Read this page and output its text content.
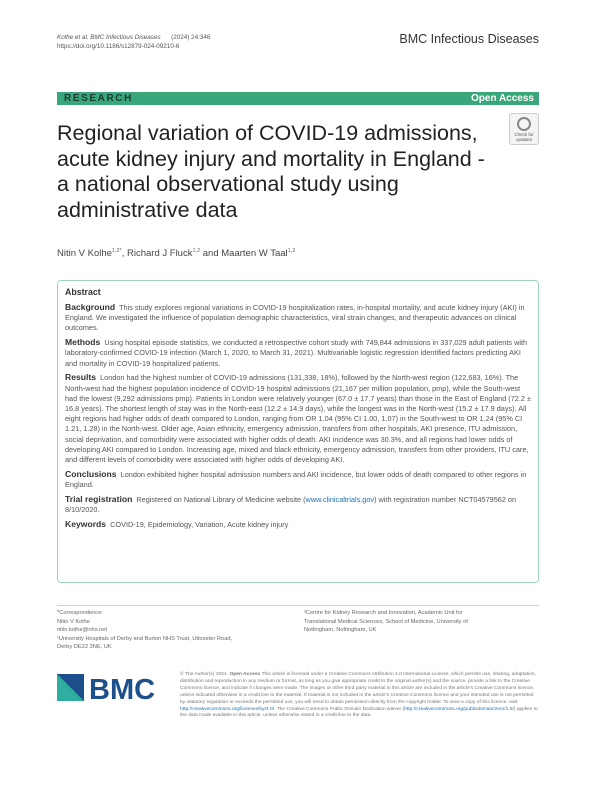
Kolhe et al. BMC Infectious Diseases (2024) 24:346
https://doi.org/10.1186/s12879-024-09210-6
BMC Infectious Diseases
RESEARCH	Open Access
Regional variation of COVID-19 admissions, acute kidney injury and mortality in England - a national observational study using administrative data
Check for updates
Nitin V Kolhe$^{1,2*}$, Richard J Fluck$^{1,2}$ and Maarten W Taal$^{1,2}$
Abstract
Background This study explores regional variations in COVID-19 hospitalization rates, in-hospital mortality, and acute kidney injury (AKI) in England. We investigated the influence of population demographic characteristics, viral strain changes, and therapeutic advances on clinical outcomes.
Methods Using hospital episode statistics, we conducted a retrospective cohort study with 749,844 admissions in 337,029 adult patients with laboratory-confirmed COVID-19 infection (March 1, 2020, to March 31, 2021). Multivariable logistic regression identified factors predicting AKI and mortality in COVID-19 hospitalized patients.
Results London had the highest number of COVID-19 admissions (131,338, 18%), followed by the North-west region (122,683, 16%). The North-west had the highest population incidence of COVID-19 hospital admissions (21,167 per million population, pmp), while the South-west had the lowest (9,292 admissions pmp). Patients in London were relatively younger (67.0 ± 17.7 years) than those in the East of England (72.2 ± 16.8 years). The shortest length of stay was in the North-east (12.2 ± 14.9 days), while the longest was in the North-west (15.2 ± 17.9 days). All eight regions had higher odds of death compared to London, ranging from OR 1.04 (95% CI 1.00, 1.07) in the South-west to OR 1.24 (95% CI 1.21, 1.28) in the North-west. Older age, Asian ethnicity, emergency admission, transfers from other hospitals, AKI presence, ITU admission, social deprivation, and comorbidity were associated with higher odds of death. AKI incidence was 30.3%, and all regions had lower odds of developing AKI compared to London. Increasing age, mixed and black ethnicity, emergency admission, transfers from other providers, ITU care, and different levels of comorbidity were associated with higher odds of developing AKI.
Conclusions London exhibited higher hospital admission numbers and AKI incidence, but lower odds of death compared to other regions in England.
Trial registration Registered on National Library of Medicine website (www.clinicaltrials.gov) with registration number NCT04579562 on 8/10/2020.
Keywords COVID-19, Epidemiology, Variation, Acute kidney injury
*Correspondence:
Nitin V Kolhe
nitin.kolhe@nhs.net
¹University Hospitals of Derby and Burton NHS Trust, Uttoxeter Road,
Derby DE22 3NE, UK
²Centre for Kidney Research and Innovation, Academic Unit for
Translational Medical Sciences, School of Medicine, University of
Nottingham, Nottingham, UK
BMC	© The Author(s) 2024. Open Access This article is licensed under a Creative Commons Attribution 4.0 International License, which permits use, sharing, adaptation, distribution and reproduction in any medium or format, as long as you give appropriate credit to the original author(s) and the source, provide a link to the Creative Commons licence, and indicate if changes were made. The images or other third party material in this article are included in the article's Creative Commons licence, unless indicated otherwise in a credit line to the material. If material is not included in the article's Creative Commons licence and your intended use is not permitted by statutory regulation or exceeds the permitted use, you will need to obtain permission directly from the copyright holder. To view a copy of this licence, visit http://creativecommons.org/licenses/by/4.0/. The Creative Commons Public Domain Dedication waiver (http://creativecommons.org/publicdomain/zero/1.0/) applies to the data made available in this article, unless otherwise stated in a credit line to the data.
